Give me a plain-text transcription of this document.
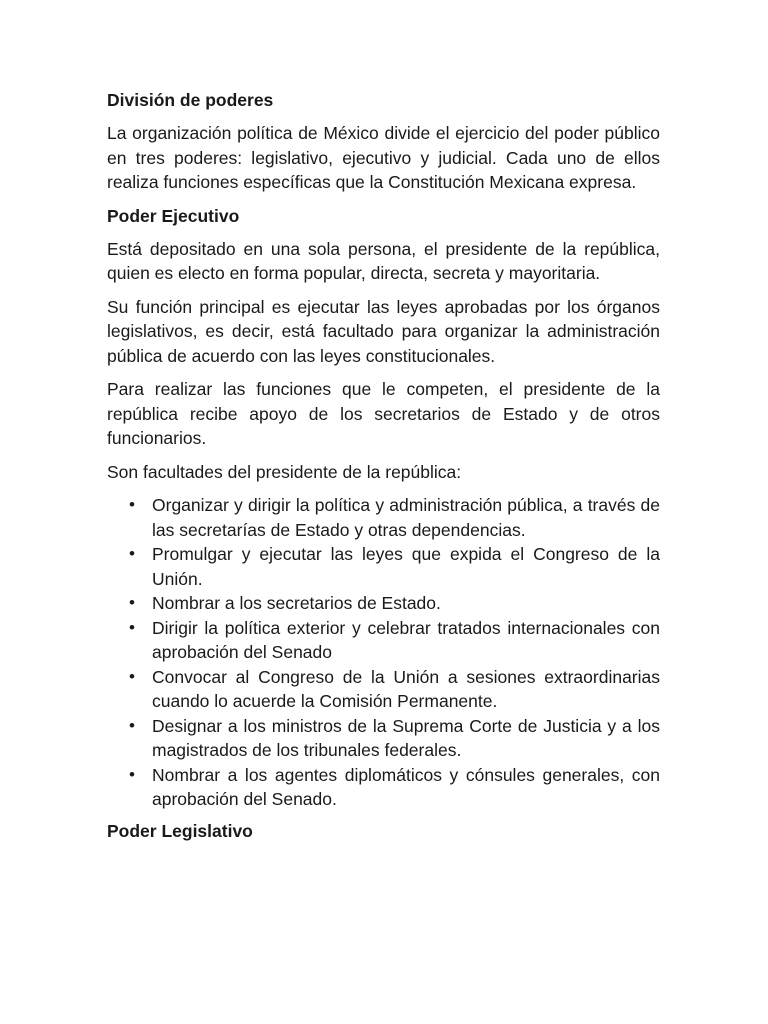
División de poderes

La organización política de México divide el ejercicio del poder público en tres poderes: legislativo, ejecutivo y judicial. Cada uno de ellos realiza funciones específicas que la Constitución Mexicana expresa.

Poder Ejecutivo

Está depositado en una sola persona, el presidente de la república, quien es electo en forma popular, directa, secreta y mayoritaria.

Su función principal es ejecutar las leyes aprobadas por los órganos legislativos, es decir, está facultado para organizar la administración pública de acuerdo con las leyes constitucionales.

Para realizar las funciones que le competen, el presidente de la república recibe apoyo de los secretarios de Estado y de otros funcionarios.

Son facultades del presidente de la república:

• Organizar y dirigir la política y administración pública, a través de las secretarías de Estado y otras dependencias.
• Promulgar y ejecutar las leyes que expida el Congreso de la Unión.
• Nombrar a los secretarios de Estado.
• Dirigir la política exterior y celebrar tratados internacionales con aprobación del Senado
• Convocar al Congreso de la Unión a sesiones extraordinarias cuando lo acuerde la Comisión Permanente.
• Designar a los ministros de la Suprema Corte de Justicia y a los magistrados de los tribunales federales.
• Nombrar a los agentes diplomáticos y cónsules generales, con aprobación del Senado.
Poder Legislativo
